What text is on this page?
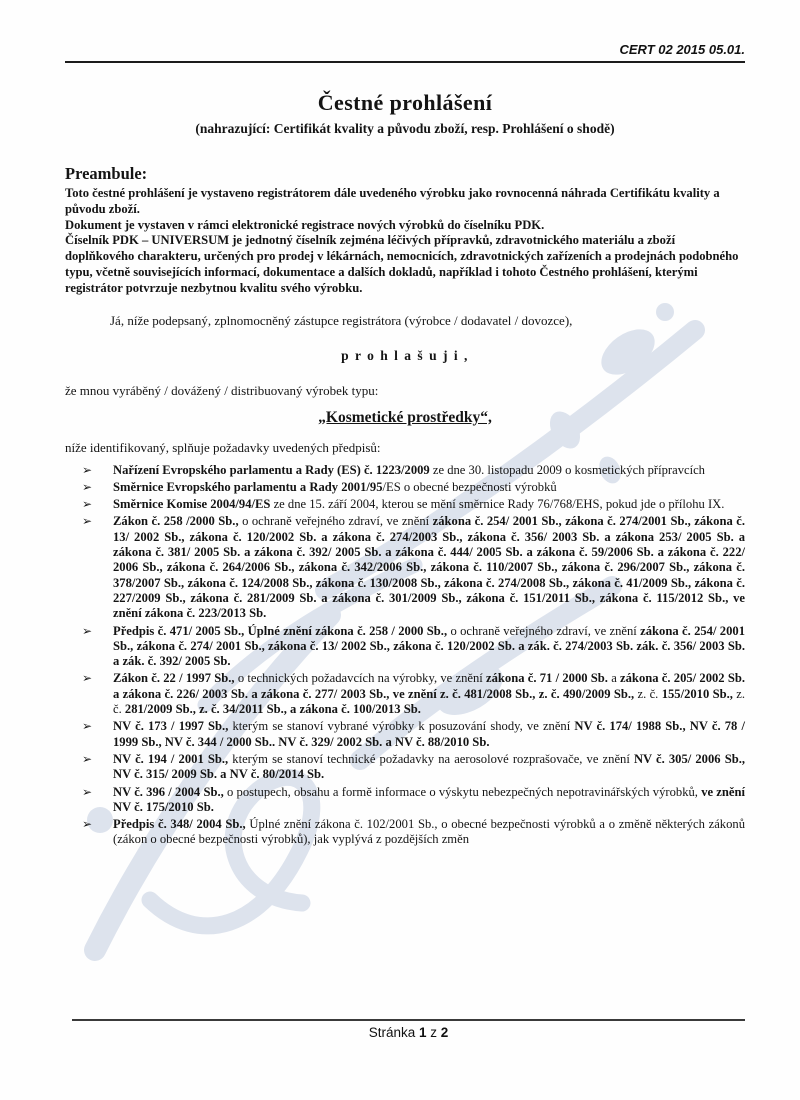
CERT 02 2015 05.01.
Čestné prohlášení
(nahrazující: Certifikát kvality a původu zboží, resp. Prohlášení o shodě)
Preambule:

Toto čestné prohlášení je vystaveno registrátorem dále uvedeného výrobku jako rovnocenná náhrada Certifikátu kvality a původu zboží.

Dokument je vystaven v rámci elektronické registrace nových výrobků do číselníku PDK.

Číselník PDK – UNIVERSUM je jednotný číselník zejména léčivých přípravků, zdravotnického materiálu a zboží doplňkového charakteru, určených pro prodej v lékárnách, nemocnicích, zdravotnických zařízeních a prodejnách podobného typu, včetně souvisejících informací, dokumentace a dalších dokladů, například i tohoto Čestného prohlášení, kterými registrátor potvrzuje nezbytnou kvalitu svého výrobku.

Já, níže podepsaný, zplnomocněný zástupce registrátora (výrobce / dodavatel / dovozce),

p r o h l a š u j i ,

že mnou vyráběný / dovážený / distribuovaný výrobek typu:

„Kosmetické prostředky“,

níže identifikovaný, splňuje požadavky uvedených předpisů:

➢ Nařízení Evropského parlamentu a Rady (ES) č. 1223/2009 ze dne 30. listopadu 2009 o kosmetických přípravcích
➢ Směrnice Evropského parlamentu a Rady 2001/95/ES o obecné bezpečnosti výrobků
➢ Směrnice Komise 2004/94/ES ze dne 15. září 2004, kterou se mění směrnice Rady 76/768/EHS, pokud jde o přílohu IX.
➢ Zákon č. 258 /2000 Sb., o ochraně veřejného zdraví, ve znění zákona č. 254/ 2001 Sb., zákona č. 274/2001 Sb., zákona č. 13/ 2002 Sb., zákona č. 120/2002 Sb. a zákona č. 274/2003 Sb., zákona č. 356/ 2003 Sb. a zákona 253/ 2005 Sb. a zákona č. 381/ 2005 Sb. a zákona č. 392/ 2005 Sb. a zákona č. 444/ 2005 Sb. a zákona č. 59/2006 Sb. a zákona č. 222/ 2006 Sb., zákona č. 264/2006 Sb., zákona č. 342/2006 Sb., zákona č. 110/2007 Sb., zákona č. 296/2007 Sb., zákona č. 378/2007 Sb., zákona č. 124/2008 Sb., zákona č. 130/2008 Sb., zákona č. 274/2008 Sb., zákona č. 41/2009 Sb., zákona č. 227/2009 Sb., zákona č. 281/2009 Sb. a zákona č. 301/2009 Sb., zákona č. 151/2011 Sb., zákona č. 115/2012 Sb., ve znění zákona č. 223/2013 Sb.
➢ Předpis č. 471/ 2005 Sb., Úplné znění zákona č. 258 / 2000 Sb., o ochraně veřejného zdraví, ve znění zákona č. 254/ 2001 Sb., zákona č. 274/ 2001 Sb., zákona č. 13/ 2002 Sb., zákona č. 120/2002 Sb. a zák. č. 274/2003 Sb. zák. č. 356/ 2003 Sb. a zák. č. 392/ 2005 Sb.
➢ Zákon č. 22 / 1997 Sb., o technických požadavcích na výrobky, ve znění zákona č. 71 / 2000 Sb. a zákona č. 205/ 2002 Sb. a zákona č. 226/ 2003 Sb. a zákona č. 277/ 2003 Sb., ve znění z. č. 481/2008 Sb., z. č. 490/2009 Sb., z. č. 155/2010 Sb., z. č. 281/2009 Sb., z. č. 34/2011 Sb., a zákona č. 100/2013 Sb.
➢ NV č. 173 / 1997 Sb., kterým se stanoví vybrané výrobky k posuzování shody, ve znění NV č. 174/ 1988 Sb., NV č. 78 / 1999 Sb., NV č. 344 / 2000 Sb.. NV č. 329/ 2002 Sb. a NV č. 88/2010 Sb.
➢ NV č. 194 / 2001 Sb., kterým se stanoví technické požadavky na aerosolové rozprašovače, ve znění NV č. 305/ 2006 Sb., NV č. 315/ 2009 Sb. a NV č. 80/2014 Sb.
➢ NV č. 396 / 2004 Sb., o postupech, obsahu a formě informace o výskytu nebezpečných nepotravinářských výrobků, ve znění NV č. 175/2010 Sb.
➢ Předpis č. 348/ 2004 Sb., Úplné znění zákona č. 102/2001 Sb., o obecné bezpečnosti výrobků a o změně některých zákonů (zákon o obecné bezpečnosti výrobků), jak vyplývá z pozdějších změn
Stránka 1 z 2
